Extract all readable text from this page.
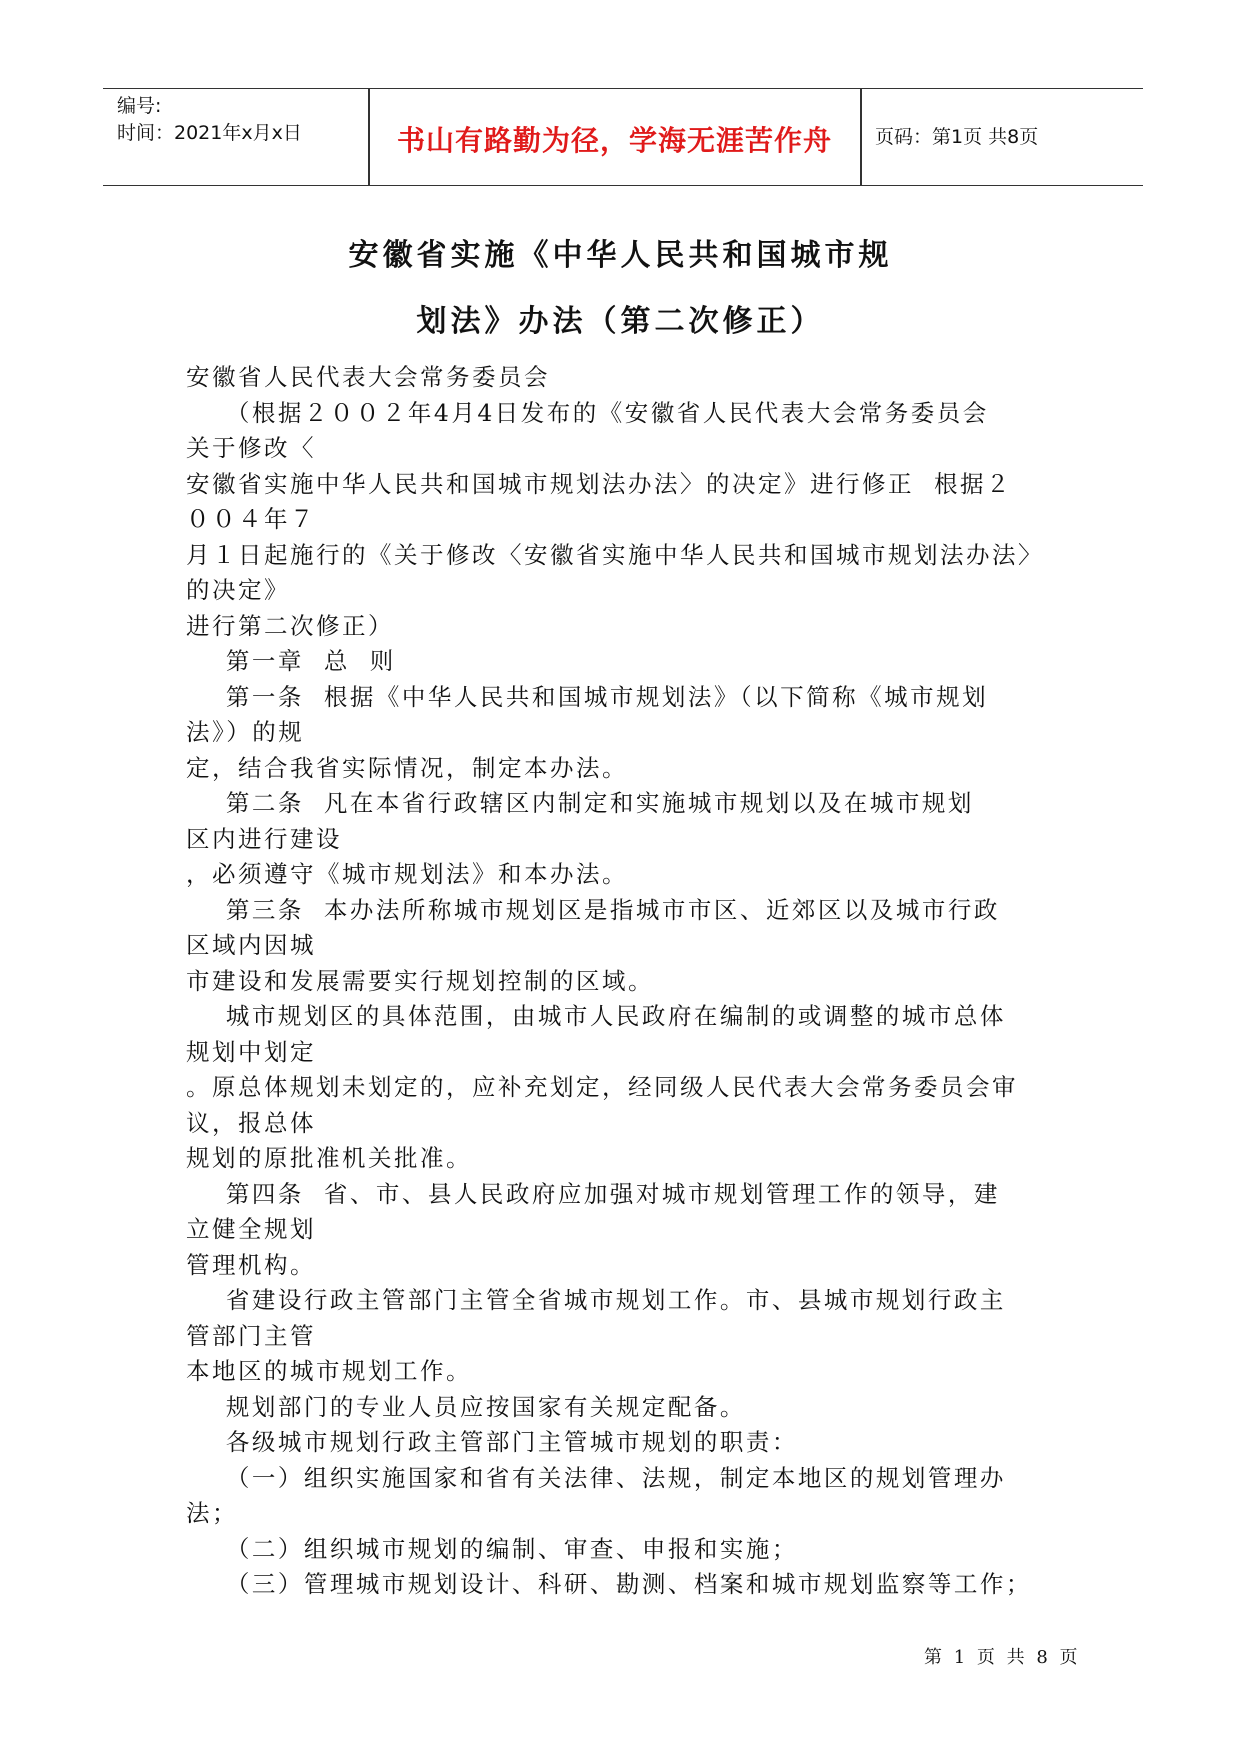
编号:
时间：2021年x月x日	书山有路勤为径，学海无涯苦作舟	页码：第1页 共8页
安徽省实施《中华人民共和国城市规
划法》办法（第二次修正）
安徽省人民代表大会常务委员会
（根据２００２年4月4日发布的《安徽省人民代表大会常务委员会
关于修改〈
安徽省实施中华人民共和国城市规划法办法〉的决定》进行修正  根据２
００４年７
月１日起施行的《关于修改〈安徽省实施中华人民共和国城市规划法办法〉
的决定》
进行第二次修正）
第一章  总  则
第一条  根据《中华人民共和国城市规划法》（以下简称《城市规划
法》）的规
定，结合我省实际情况，制定本办法。
第二条  凡在本省行政辖区内制定和实施城市规划以及在城市规划
区内进行建设
，必须遵守《城市规划法》和本办法。
第三条  本办法所称城市规划区是指城市市区、近郊区以及城市行政
区域内因城
市建设和发展需要实行规划控制的区域。
城市规划区的具体范围，由城市人民政府在编制的或调整的城市总体
规划中划定
。原总体规划未划定的，应补充划定，经同级人民代表大会常务委员会审
议，报总体
规划的原批准机关批准。
第四条  省、市、县人民政府应加强对城市规划管理工作的领导，建
立健全规划
管理机构。
省建设行政主管部门主管全省城市规划工作。市、县城市规划行政主
管部门主管
本地区的城市规划工作。
规划部门的专业人员应按国家有关规定配备。
各级城市规划行政主管部门主管城市规划的职责：
（一）组织实施国家和省有关法律、法规，制定本地区的规划管理办
法；
（二）组织城市规划的编制、审查、申报和实施；
（三）管理城市规划设计、科研、勘测、档案和城市规划监察等工作；
第 1 页 共 8 页
